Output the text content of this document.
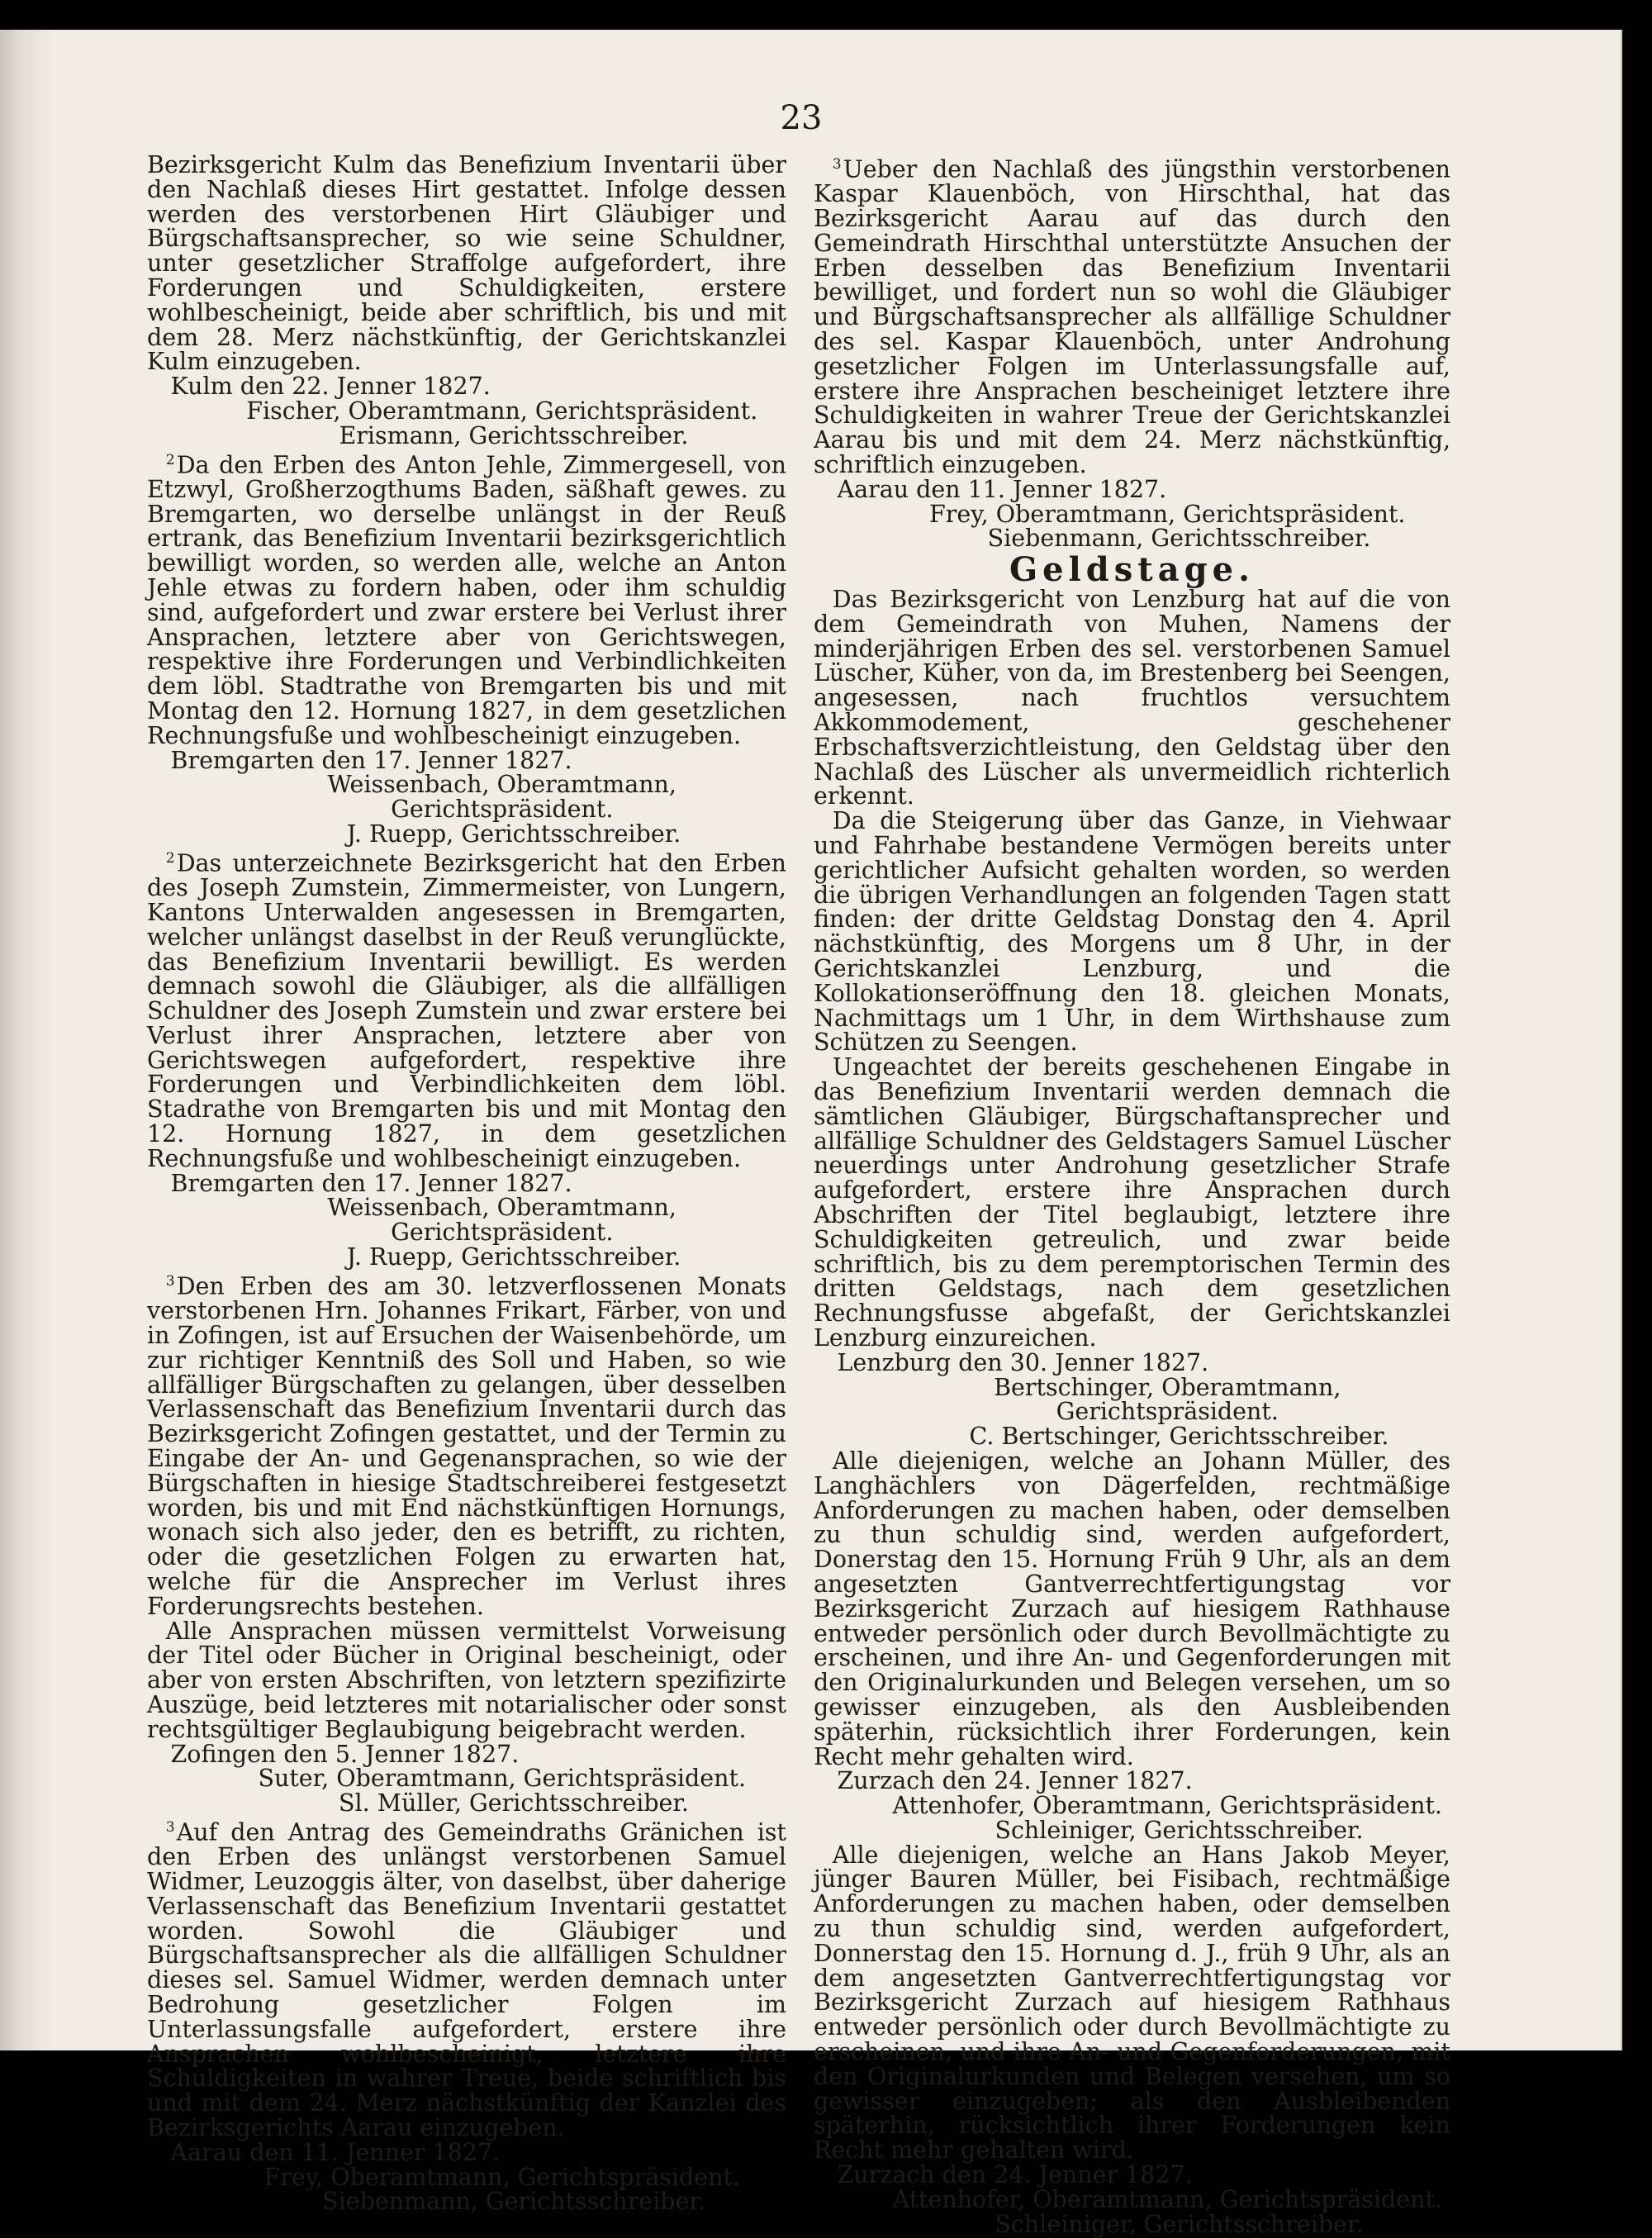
23

Bezirksgericht Kulm das Benefizium Inventarii über den Nachlaß dieses Hirt gestattet. Infolge dessen werden des verstorbenen Hirt Gläubiger und Bürgschaftsansprecher, so wie seine Schuldner, unter gesetzlicher Straffolge aufgefordert, ihre Forderungen und Schuldigkeiten, erstere wohlbescheinigt, beide aber schriftlich, bis und mit dem 28. Merz nächstkünftig, der Gerichtskanzlei Kulm einzugeben.

Kulm den 22. Jenner 1827.

Fischer, Oberamtmann, Gerichtspräsident.

Erismann, Gerichtsschreiber.

$^2$Da den Erben des Anton Jehle, Zimmergesell, von Etzwyl, Großherzogthums Baden, säßhaft gewes. zu Bremgarten, wo derselbe unlängst in der Reuß ertrank, das Benefizium Inventarii bezirksgerichtlich bewilligt worden, so werden alle, welche an Anton Jehle etwas zu fordern haben, oder ihm schuldig sind, aufgefordert und zwar erstere bei Verlust ihrer Ansprachen, letztere aber von Gerichtswegen, respektive ihre Forderungen und Verbindlichkeiten dem löbl. Stadtrathe von Bremgarten bis und mit Montag den 12. Hornung 1827, in dem gesetzlichen Rechnungsfuße und wohlbescheinigt einzugeben.

Bremgarten den 17. Jenner 1827.

Weissenbach, Oberamtmann, Gerichtspräsident.

J. Ruepp, Gerichtsschreiber.

$^2$Das unterzeichnete Bezirksgericht hat den Erben des Joseph Zumstein, Zimmermeister, von Lungern, Kantons Unterwalden angesessen in Bremgarten, welcher unlängst daselbst in der Reuß verunglückte, das Benefizium Inventarii bewilligt. Es werden demnach sowohl die Gläubiger, als die allfälligen Schuldner des Joseph Zumstein und zwar erstere bei Verlust ihrer Ansprachen, letztere aber von Gerichtswegen aufgefordert, respektive ihre Forderungen und Verbindlichkeiten dem löbl. Stadrathe von Bremgarten bis und mit Montag den 12. Hornung 1827, in dem gesetzlichen Rechnungsfuße und wohlbescheinigt einzugeben.

Bremgarten den 17. Jenner 1827.

Weissenbach, Oberamtmann, Gerichtspräsident.

J. Ruepp, Gerichtsschreiber.

$^3$Den Erben des am 30. letzverflossenen Monats verstorbenen Hrn. Johannes Frikart, Färber, von und in Zofingen, ist auf Ersuchen der Waisenbehörde, um zur richtiger Kenntniß des Soll und Haben, so wie allfälliger Bürgschaften zu gelangen, über desselben Verlassenschaft das Benefizium Inventarii durch das Bezirksgericht Zofingen gestattet, und der Termin zu Eingabe der An- und Gegenansprachen, so wie der Bürgschaften in hiesige Stadtschreiberei festgesetzt worden, bis und mit End nächstkünftigen Hornungs, wonach sich also jeder, den es betrifft, zu richten, oder die gesetzlichen Folgen zu erwarten hat, welche für die Ansprecher im Verlust ihres Forderungsrechts bestehen.

Alle Ansprachen müssen vermittelst Vorweisung der Titel oder Bücher in Original bescheinigt, oder aber von ersten Abschriften, von letztern spezifizirte Auszüge, beid letzteres mit notarialischer oder sonst rechtsgültiger Beglaubigung beigebracht werden.

Zofingen den 5. Jenner 1827.

Suter, Oberamtmann, Gerichtspräsident.

Sl. Müller, Gerichtsschreiber.

$^3$Auf den Antrag des Gemeindraths Gränichen ist den Erben des unlängst verstorbenen Samuel Widmer, Leuzoggis älter, von daselbst, über daherige Verlassenschaft das Benefizium Inventarii gestattet worden. Sowohl die Gläubiger und Bürgschaftsansprecher als die allfälligen Schuldner dieses sel. Samuel Widmer, werden demnach unter Bedrohung gesetzlicher Folgen im Unterlassungsfalle aufgefordert, erstere ihre Ansprachen wohlbescheinigt, letztere ihre Schuldigkeiten in wahrer Treue, beide schriftlich bis und mit dem 24. Merz nächstkünftig der Kanzlei des Bezirksgerichts Aarau einzugeben.

Aarau den 11. Jenner 1827.

Frey, Oberamtmann, Gerichtspräsident.

Siebenmann, Gerichtsschreiber.

$^3$Ueber den Nachlaß des jüngsthin verstorbenen Kaspar Klauenböch, von Hirschthal, hat das Bezirksgericht Aarau auf das durch den Gemeindrath Hirschthal unterstützte Ansuchen der Erben desselben das Benefizium Inventarii bewilliget, und fordert nun so wohl die Gläubiger und Bürgschaftsansprecher als allfällige Schuldner des sel. Kaspar Klauenböch, unter Androhung gesetzlicher Folgen im Unterlassungsfalle auf, erstere ihre Ansprachen bescheiniget letztere ihre Schuldigkeiten in wahrer Treue der Gerichtskanzlei Aarau bis und mit dem 24. Merz nächstkünftig, schriftlich einzugeben.

Aarau den 11. Jenner 1827.

Frey, Oberamtmann, Gerichtspräsident.

Siebenmann, Gerichtsschreiber.

Geldstage.

Das Bezirksgericht von Lenzburg hat auf die von dem Gemeindrath von Muhen, Namens der minderjährigen Erben des sel. verstorbenen Samuel Lüscher, Küher, von da, im Brestenberg bei Seengen, angesessen, nach fruchtlos versuchtem Akkommodement, geschehener Erbschaftsverzichtleistung, den Geldstag über den Nachlaß des Lüscher als unvermeidlich richterlich erkennt.

Da die Steigerung über das Ganze, in Viehwaar und Fahrhabe bestandene Vermögen bereits unter gerichtlicher Aufsicht gehalten worden, so werden die übrigen Verhandlungen an folgenden Tagen statt finden: der dritte Geldstag Donstag den 4. April nächstkünftig, des Morgens um 8 Uhr, in der Gerichtskanzlei Lenzburg, und die Kollokationseröffnung den 18. gleichen Monats, Nachmittags um 1 Uhr, in dem Wirthshause zum Schützen zu Seengen.

Ungeachtet der bereits geschehenen Eingabe in das Benefizium Inventarii werden demnach die sämtlichen Gläubiger, Bürgschaftansprecher und allfällige Schuldner des Geldstagers Samuel Lüscher neuerdings unter Androhung gesetzlicher Strafe aufgefordert, erstere ihre Ansprachen durch Abschriften der Titel beglaubigt, letztere ihre Schuldigkeiten getreulich, und zwar beide schriftlich, bis zu dem peremptorischen Termin des dritten Geldstags, nach dem gesetzlichen Rechnungsfusse abgefaßt, der Gerichtskanzlei Lenzburg einzureichen.

Lenzburg den 30. Jenner 1827.

Bertschinger, Oberamtmann, Gerichtspräsident.

C. Bertschinger, Gerichtsschreiber.

Alle diejenigen, welche an Johann Müller, des Langhächlers von Dägerfelden, rechtmäßige Anforderungen zu machen haben, oder demselben zu thun schuldig sind, werden aufgefordert, Donerstag den 15. Hornung Früh 9 Uhr, als an dem angesetzten Gantverrechtfertigungstag vor Bezirksgericht Zurzach auf hiesigem Rathhause entweder persönlich oder durch Bevollmächtigte zu erscheinen, und ihre An- und Gegenforderungen mit den Originalurkunden und Belegen versehen, um so gewisser einzugeben, als den Ausbleibenden späterhin, rücksichtlich ihrer Forderungen, kein Recht mehr gehalten wird.

Zurzach den 24. Jenner 1827.

Attenhofer, Oberamtmann, Gerichtspräsident.

Schleiniger, Gerichtsschreiber.

Alle diejenigen, welche an Hans Jakob Meyer, jünger Bauren Müller, bei Fisibach, rechtmäßige Anforderungen zu machen haben, oder demselben zu thun schuldig sind, werden aufgefordert, Donnerstag den 15. Hornung d. J., früh 9 Uhr, als an dem angesetzten Gantverrechtfertigungstag vor Bezirksgericht Zurzach auf hiesigem Rathhaus entweder persönlich oder durch Bevollmächtigte zu erscheinen, und ihre An- und Gegenforderungen, mit den Originalurkunden und Belegen versehen, um so gewisser einzugeben; als den Ausbleibenden späterhin, rücksichtlich ihrer Forderungen kein Recht mehr gehalten wird.

Zurzach den 24. Jenner 1827.

Attenhofer, Oberamtmann, Gerichtspräsident.

Schleiniger, Gerichtsschreiber.
